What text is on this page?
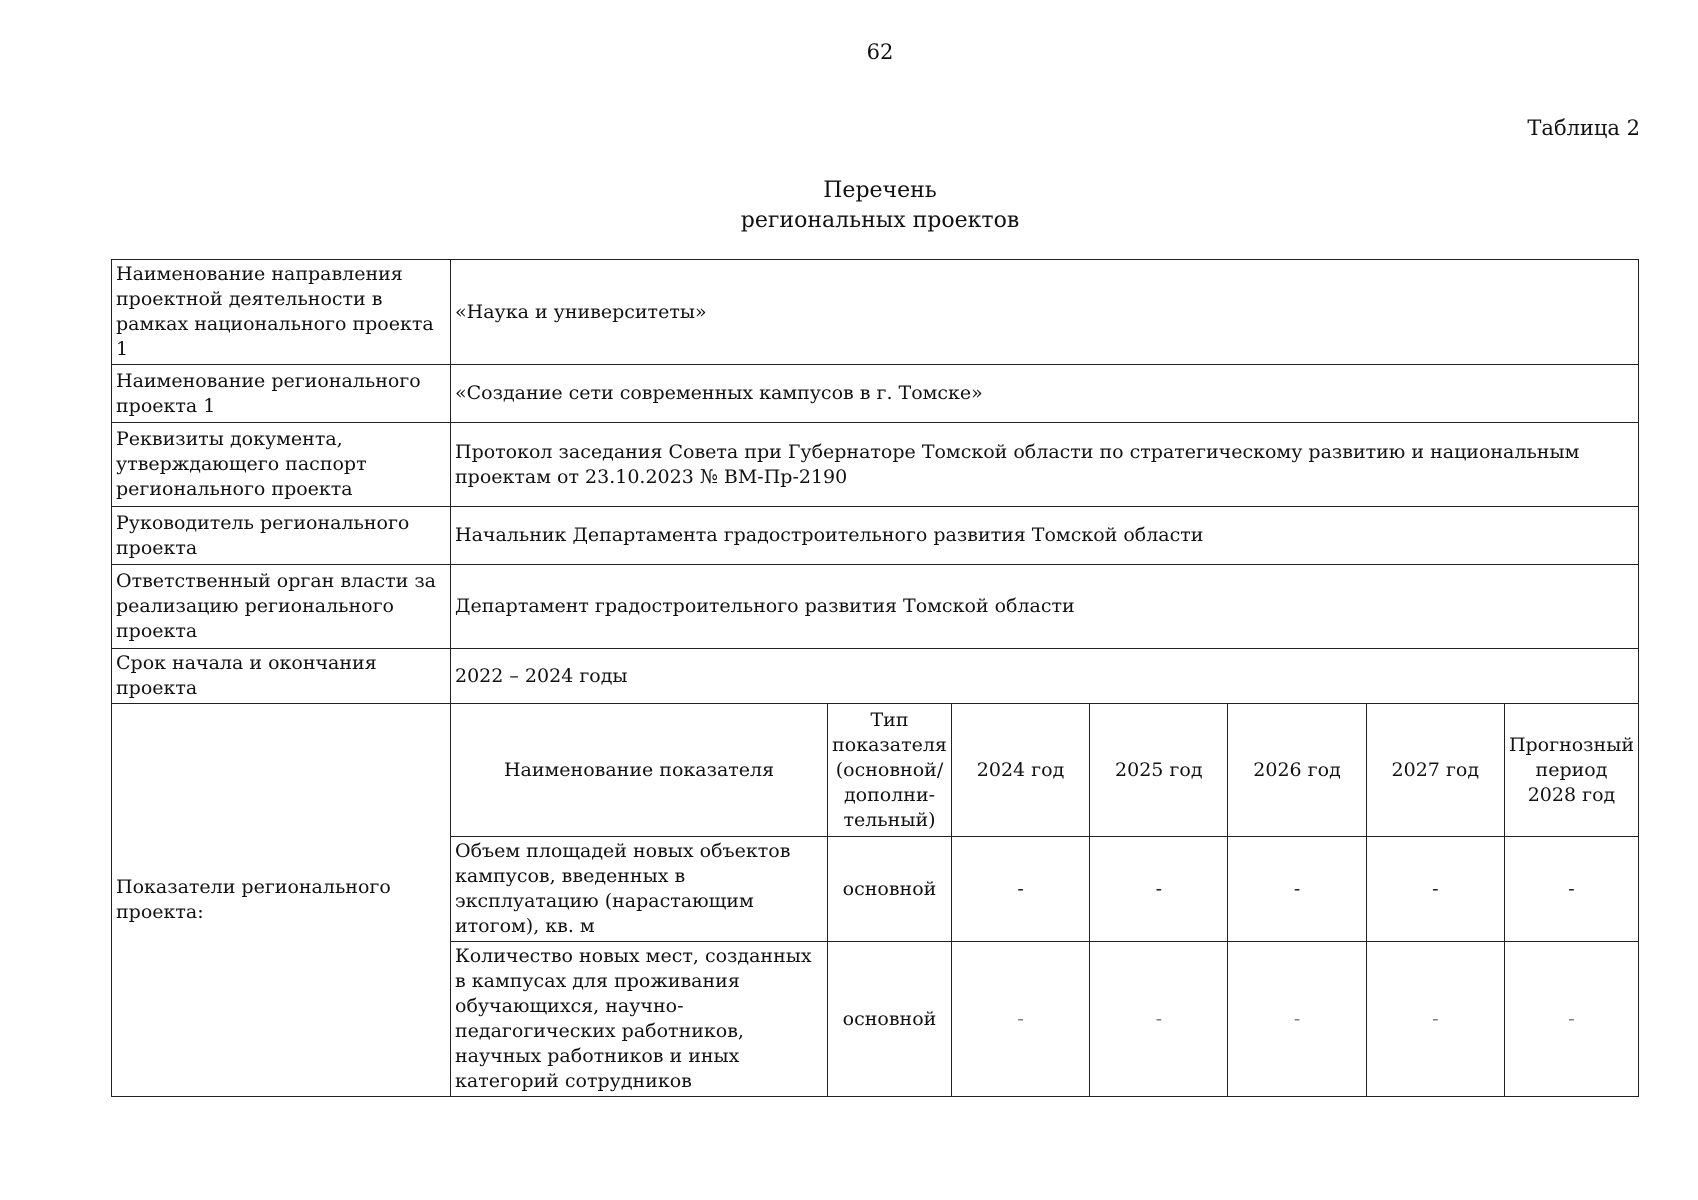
62
Таблица 2
Перечень
региональных проектов
Наименование направления проектной деятельности в рамках национального проекта 1	«Наука и университеты»
Наименование регионального проекта 1	«Создание сети современных кампусов в г. Томске»
Реквизиты документа, утверждающего паспорт регионального проекта	Протокол заседания Совета при Губернаторе Томской области по стратегическому развитию и национальным проектам от 23.10.2023 № ВМ-Пр-2190
Руководитель регионального проекта	Начальник Департамента градостроительного развития Томской области
Ответственный орган власти за реализацию регионального проекта	Департамент градостроительного развития Томской области
Срок начала и окончания проекта	2022 – 2024 годы
Показатели регионального проекта:	
Наименование показателя	Тип показателя (основной/ дополни-тельный)	2024 год	2025 год	2026 год	2027 год	Прогнозный период 2028 год
Объем площадей новых объектов кампусов, введенных в эксплуатацию (нарастающим итогом), кв. м	основной	-	-	-	-	-
Количество новых мест, созданных в кампусах для проживания обучающихся, научно-педагогических работников, научных работников и иных категорий сотрудников	основной	-	-	-	-	-
